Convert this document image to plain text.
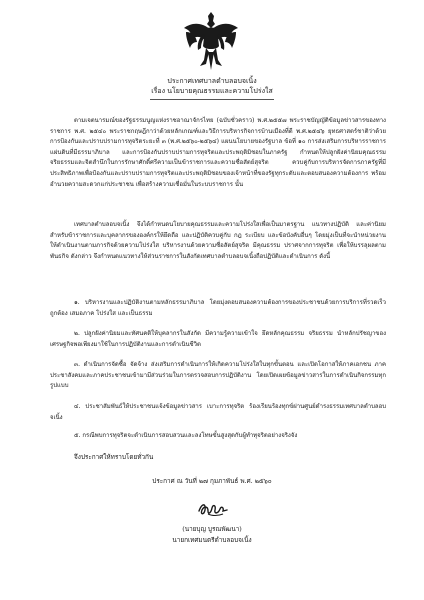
ประกาศเทศบาลตำบลอบจเนิ้ง
เรื่อง นโยบายคุณธรรมและความโปร่งใส
ตามเจตนารมณ์ของรัฐธรรมนูญแห่งราชอาณาจักรไทย (ฉบับชั่วคราว) พ.ศ.๒๕๕๗ พระราชบัญญัติข้อมูลข่าวสารของทางราชการ พ.ศ. ๒๕๔๐ พระราชกฤษฎีกาว่าด้วยหลักเกณฑ์และวิธีการบริหารกิจการบ้านเมืองที่ดี พ.ศ.๒๕๔๖ ยุทธศาสตร์ชาติว่าด้วยการป้องกันและปราบปรามการทุจริตระยะที่ ๓ (พ.ศ.๒๕๖๐-๒๕๖๔) แผนนโยบายของรัฐบาล ข้อที่ ๑๐ การส่งเสริมการบริหารราชการแผ่นดินที่มีธรรมาภิบาล และการป้องกันปราบปรามการทุจริตและประพฤติมิชอบในภาครัฐ กำหนดให้ปลูกฝังค่านิยมคุณธรรม จริยธรรมและจิตสำนึกในการรักษาศักดิ์ศรีความเป็นข้าราชการและความซื่อสัตย์สุจริต ควบคู่กับการบริหารจัดการภาครัฐที่มีประสิทธิภาพเพื่อป้องกันและปราบปรามการทุจริตและประพฤติมิชอบของเจ้าหน้าที่ของรัฐทุกระดับและตอบสนองความต้องการ พร้อมอำนวยความสะดวกแก่ประชาชน เพื่อสร้างความเชื่อมั่นในระบบราชการ นั้น
เทศบาลตำบลอบจเนิ้ง จึงได้กำหนดนโยบายคุณธรรมและความโปร่งใสเพื่อเป็นมาตรฐาน แนวทางปฏิบัติ และค่านิยมสำหรับข้าราชการและบุคลากรขององค์กรให้ยึดถือ และปฏิบัติควบคู่กับ กฎ ระเบียบ และข้อบังคับอื่นๆ โดยมุ่งเป็นที่จะนำหน่วยงานให้ดำเนินงานตามภารกิจด้วยความโปร่งใส บริหารงานด้วยความซื่อสัตย์สุจริต มีคุณธรรม ปราศจากการทุจริต เพื่อให้บรรลุผลตามพันธกิจ ดังกล่าว จึงกำหนดแนวทางให้ส่วนราชการในสังกัดเทศบาลตำบลอบจเนิ้งถือปฏิบัติและดำเนินการ ดังนี้
๑. บริหารงานและปฏิบัติงานตามหลักธรรมาภิบาล โดยมุ่งตอบสนองความต้องการของประชาชนด้วยการบริการที่รวดเร็ว ถูกต้อง เสมอภาค โปร่งใส และเป็นธรรม
๒. ปลูกฝังค่านิยมและทัศนคติให้บุคลากรในสังกัด มีความรู้ความเข้าใจ ยึดหลักคุณธรรม จริยธรรม นำหลักปรัชญาของเศรษฐกิจพอเพียงมาใช้ในการปฏิบัติงานและการดำเนินชีวิต
๓. ดำเนินการจัดซื้อ จัดจ้าง ส่งเสริมการดำเนินการให้เกิดความโปร่งใสในทุกขั้นตอน และเปิดโอกาสให้ภาคเอกชน ภาคประชาสังคมและภาคประชาชนเข้ามามีส่วนร่วมในการตรวจสอบการปฏิบัติงาน โดยเปิดเผยข้อมูลข่าวสารในการดำเนินกิจกรรมทุกรูปแบบ
๔. ประชาสัมพันธ์ให้ประชาชนแจ้งข้อมูลข่าวสาร เบาะการทุจริต ร้องเรียนร้องทุกข์ผ่านศูนย์ดำรงธรรมเทศบาลตำบลอบจเนิ้ง
๕. กรณีพบการทุจริตจะดำเนินการสอบสวนและลงโทษขั้นสูงสุดกับผู้ทำทุจริตอย่างจริงจัง
จึงประกาศให้ทราบโดยทั่วกัน
ประกาศ ณ วันที่ ๒๗ กุมภาพันธ์ พ.ศ. ๒๕๖๐
(นายบุญ บูรณพัฒนา)
นายกเทศมนตรีตำบลอบจเนิ้ง
